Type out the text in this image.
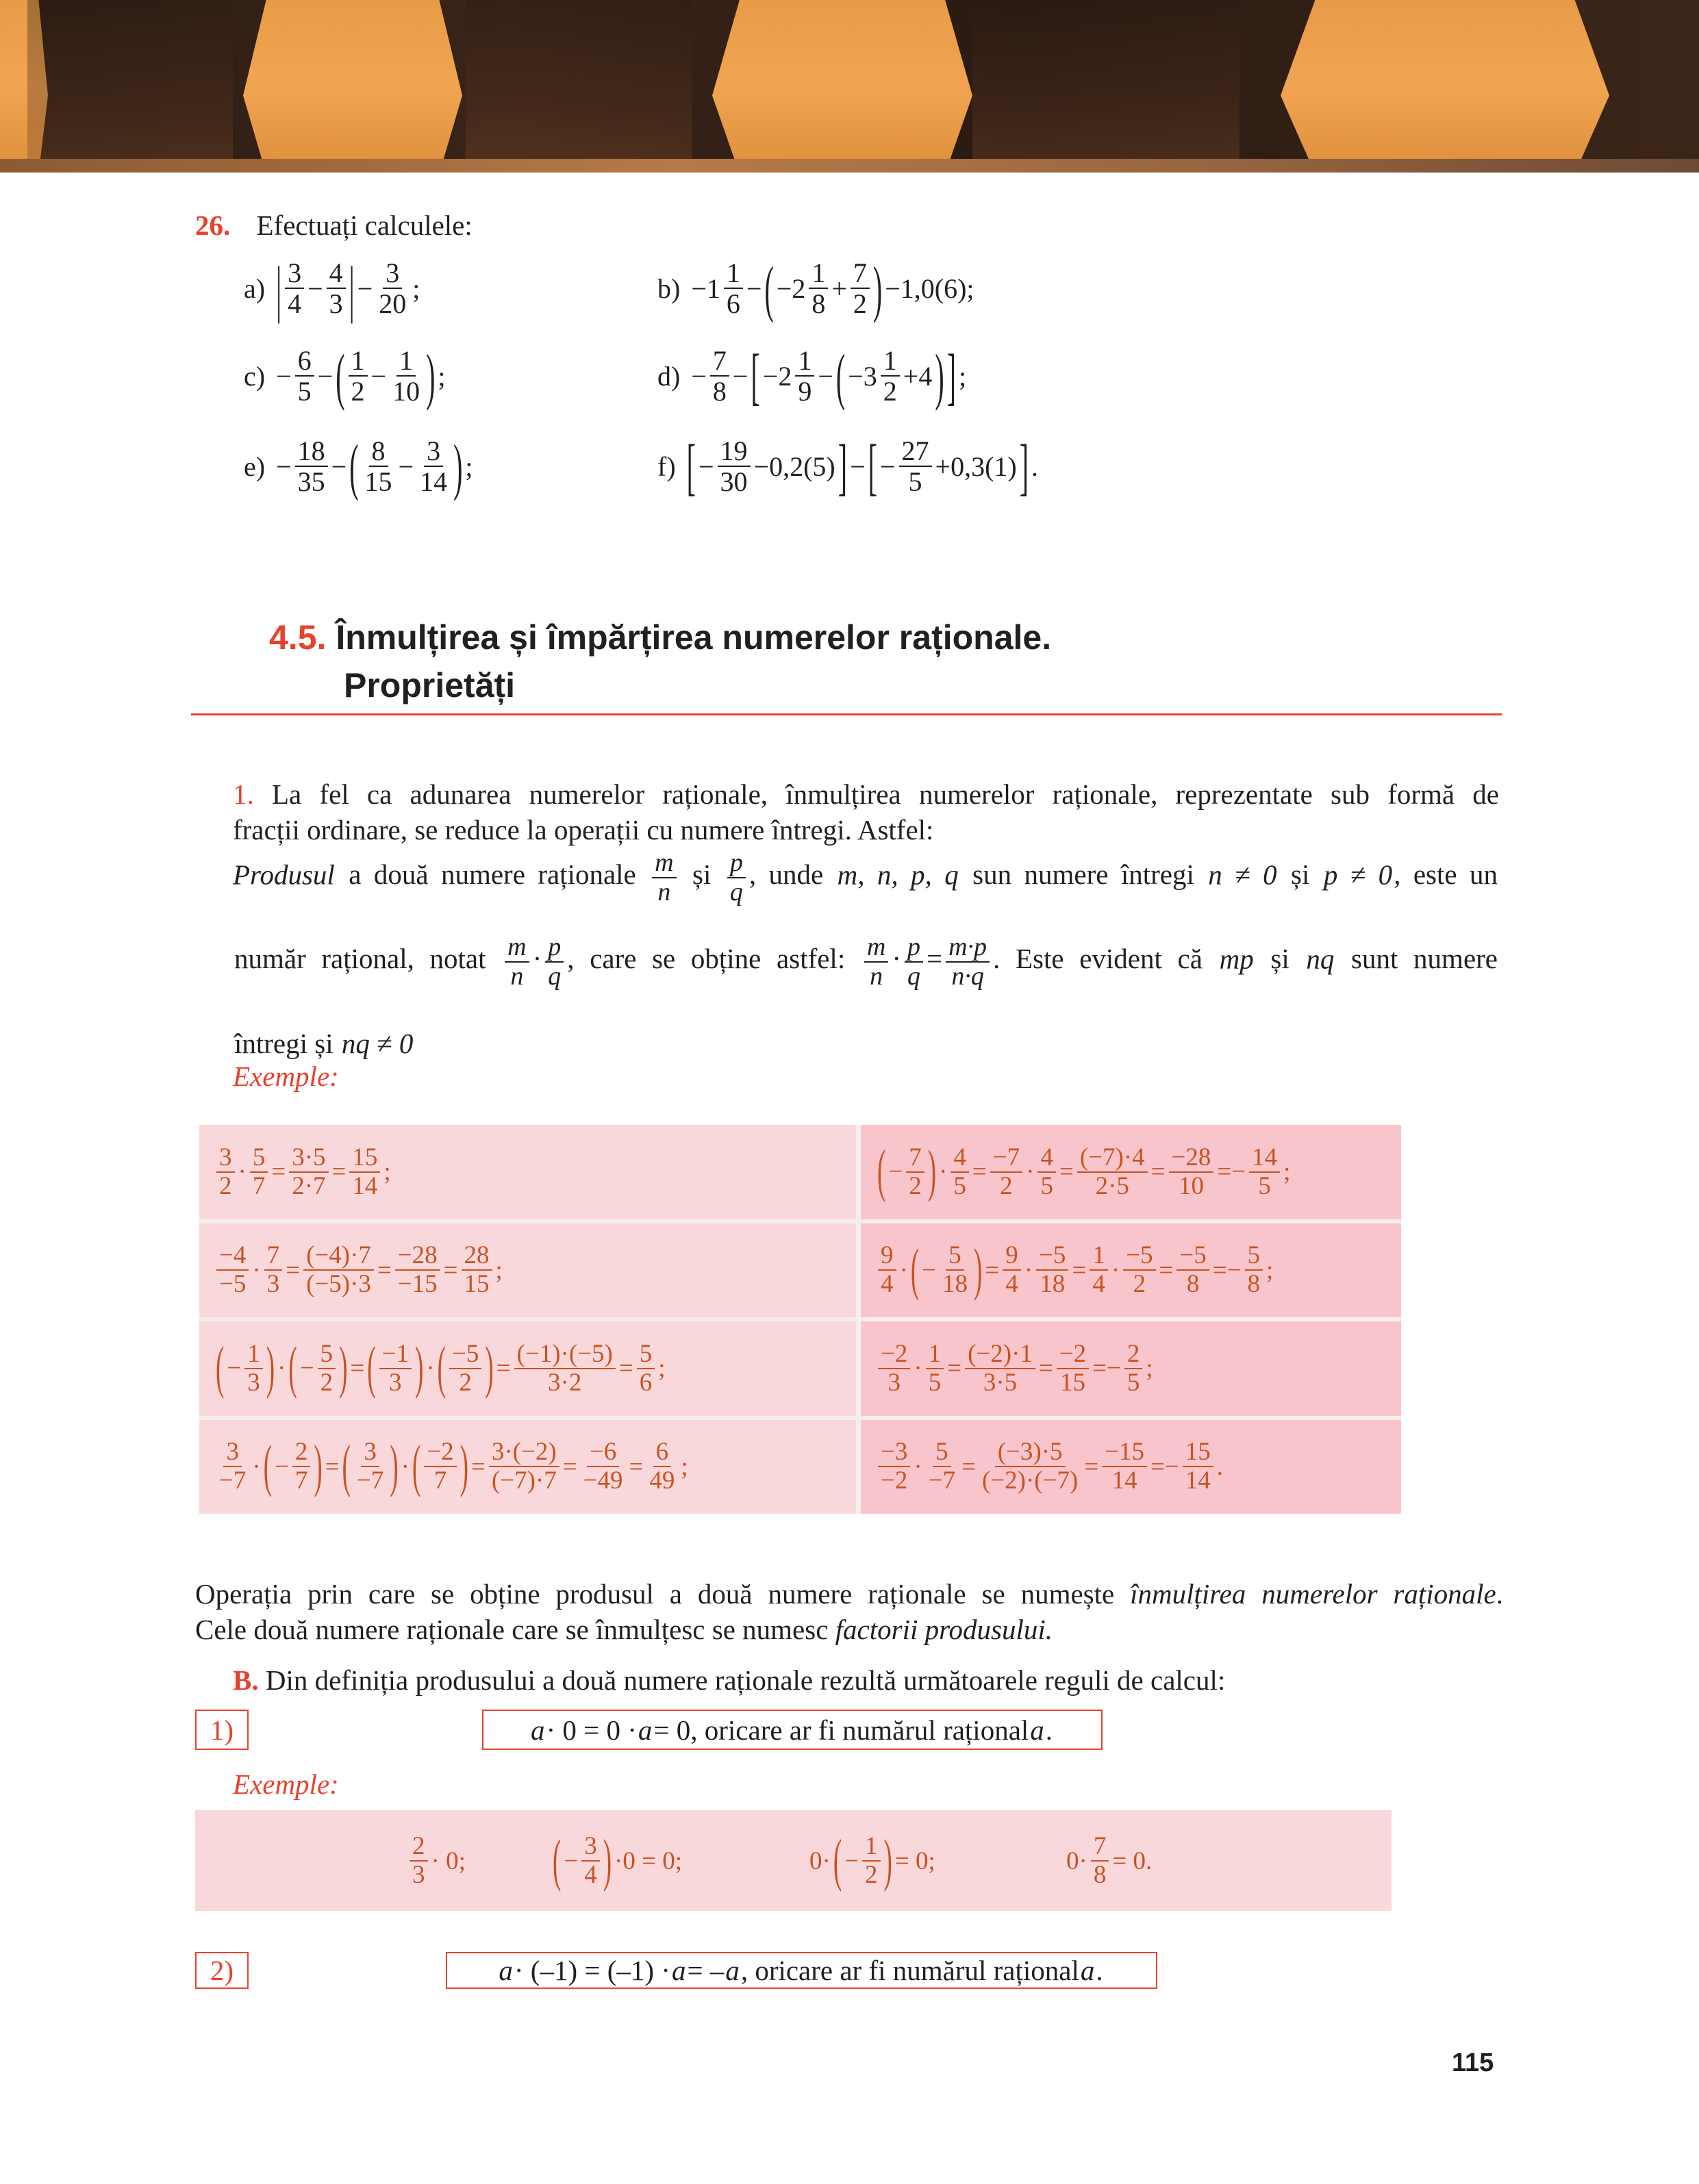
26. Efectuați calculele:
a) | $\frac{3}{4} - \frac{4}{3}$ | − $\frac{3}{20}$ ;	$b) -1 \frac{1}{6}$ − ( $-2 \frac{1}{8} + \frac{7}{2}$ ) −1,0(6);
$c) - \frac{6}{5}$ − ( $\frac{1}{2} - \frac{1}{10}$ ) ;	$d) - \frac{7}{8}$ − [ $-2 \frac{1}{9}$ − ( $-3 \frac{1}{2} +4$ ) ] ;
$e) - \frac{18}{35}$ − ( $\frac{8}{15} - \frac{3}{14}$ ) ;	f) [ − $\frac{19}{30} -0,2(5)$ ] − [ − $\frac{27}{5} +0,3(1)$ ] .
4.5. Înmulțirea și împărțirea numerelor raționale.
Proprietăți
1. La fel ca adunarea numerelor raționale, înmulțirea numerelor raționale, reprezentate sub formă de
fracții ordinare, se reduce la operații cu numere întregi. Astfel:
Produsul a două numere raționale $\frac{m}{n}$ și $\frac{p}{q}$ , unde m, n, p, q sun numere întregi n ≠ 0 și p ≠ 0, este un
număr rațional, notat $\frac{m}{n} \cdot \frac{p}{q}$ , care se obține astfel: $\frac{m}{n} \cdot \frac{p}{q} = \frac{m\cdot p}{n\cdot q}$ . Este evident că mp și nq sunt numere
întregi și nq ≠ 0
Exemple:
$\frac{3}{2} \cdot \frac{5}{7} = \frac{3\cdot 5}{2\cdot 7} = \frac{15}{14}$ ;	( − $\frac{7}{2}$ ) · $\frac{4}{5} = \frac{-7}{2} \cdot \frac{4}{5} = \frac{(-7)\cdot 4}{2\cdot 5} = \frac{-28}{10} =- \frac{14}{5}$ ;
$\frac{-4}{-5} \cdot \frac{7}{3} = \frac{(-4)\cdot 7}{(-5)\cdot 3} = \frac{-28}{-15} = \frac{28}{15}$ ;	$\frac{9}{4}$ · ( − $\frac{5}{18}$ ) = $\frac{9}{4} \cdot \frac{-5}{18} = \frac{1}{4} \cdot \frac{-5}{2} = \frac{-5}{8} =- \frac{5}{8}$ ;
( − $\frac{1}{3}$ ) · ( − $\frac{5}{2}$ ) = ( $\frac{-1}{3}$ ) · ( $\frac{-5}{2}$ ) = $\frac{(-1)\cdot(-5)}{3\cdot 2} = \frac{5}{6}$ ;	$\frac{-2}{3} \cdot \frac{1}{5} = \frac{(-2)\cdot 1}{3\cdot 5} = \frac{-2}{15} =- \frac{2}{5}$ ;
$\frac{3}{-7}$ · ( − $\frac{2}{7}$ ) = ( $\frac{3}{-7}$ ) · ( $\frac{-2}{7}$ ) = $\frac{3\cdot(-2)}{(-7)\cdot 7} = \frac{-6}{-49} = \frac{6}{49}$ ;	$\frac{-3}{-2} \cdot \frac{5}{-7} = \frac{(-3)\cdot 5}{(-2)\cdot(-7)} = \frac{-15}{14} =- \frac{15}{14}$ .
Operația prin care se obține produsul a două numere raționale se numește înmulțirea numerelor raționale.
Cele două numere raționale care se înmulțesc se numesc factorii produsului.
B. Din definiția produsului a două numere raționale rezultă următoarele reguli de calcul:
1)	a · 0 = 0 · a = 0, oricare ar fi numărul rațional a .
Exemple:
$\frac{2}{3} \cdot 0$;	( − $\frac{3}{4}$ ) ·0 = 0;	0· ( − $\frac{1}{2}$ ) = 0;	$0\cdot \frac{7}{8} = 0$.
2)	a · (–1) = (–1) · a = – a , oricare ar fi numărul rațional a .
115
